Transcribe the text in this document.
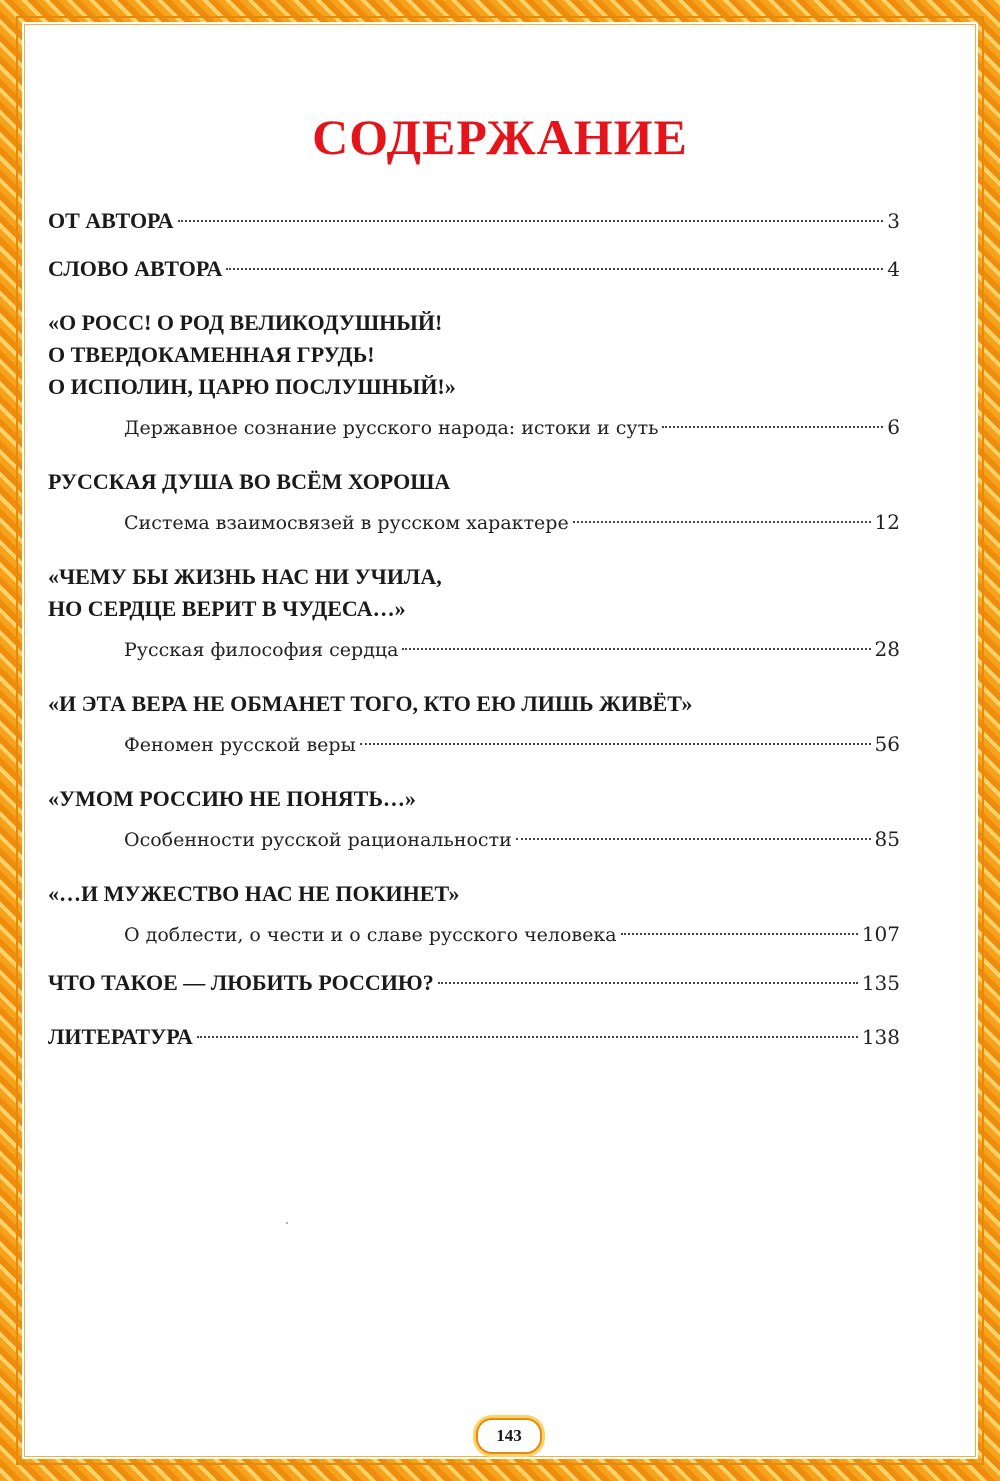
СОДЕРЖАНИЕ
ОТ АВТОРА	3
СЛОВО АВТОРА	4
«О РОСС! О РОД ВЕЛИКОДУШНЫЙ!
О ТВЕРДОКАМЕННАЯ ГРУДЬ!
О ИСПОЛИН, ЦАРЮ ПОСЛУШНЫЙ!»
Державное сознание русского народа: истоки и суть	6
РУССКАЯ ДУША ВО ВСЁМ ХОРОША
Система взаимосвязей в русском характере	12
«ЧЕМУ БЫ ЖИЗНЬ НАС НИ УЧИЛА,
НО СЕРДЦЕ ВЕРИТ В ЧУДЕСА…»
Русская философия сердца	28
«И ЭТА ВЕРА НЕ ОБМАНЕТ ТОГО, КТО ЕЮ ЛИШЬ ЖИВЁТ»
Феномен русской веры	56
«УМОМ РОССИЮ НЕ ПОНЯТЬ…»
Особенности русской рациональности	85
«…И МУЖЕСТВО НАС НЕ ПОКИНЕТ»
О доблести, о чести и о славе русского человека	107
ЧТО ТАКОЕ — ЛЮБИТЬ РОССИЮ?	135
ЛИТЕРАТУРА	138
143
